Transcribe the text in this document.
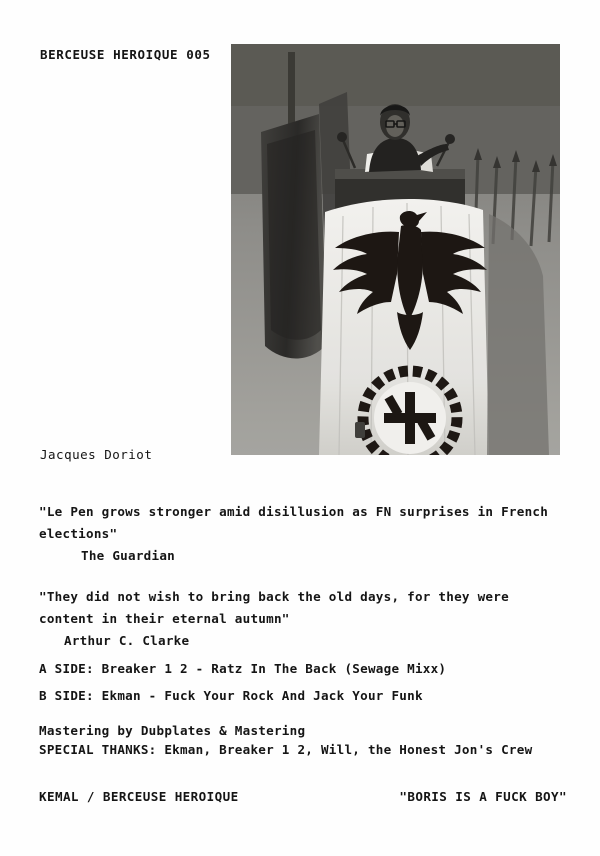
BERCEUSE HEROIQUE 005
Jacques Doriot
"Le Pen grows stronger amid disillusion as FN surprises in French elections"
The Guardian
"They did not wish to bring back the old days, for they were content in their eternal autumn"
Arthur C. Clarke
A SIDE: Breaker 1 2 - Ratz In The Back (Sewage Mixx)
B SIDE: Ekman - Fuck Your Rock And Jack Your Funk
Mastering by Dubplates & Mastering
SPECIAL THANKS: Ekman, Breaker 1 2, Will, the Honest Jon's Crew
KEMAL / BERCEUSE HEROIQUE	"BORIS IS A FUCK BOY"
